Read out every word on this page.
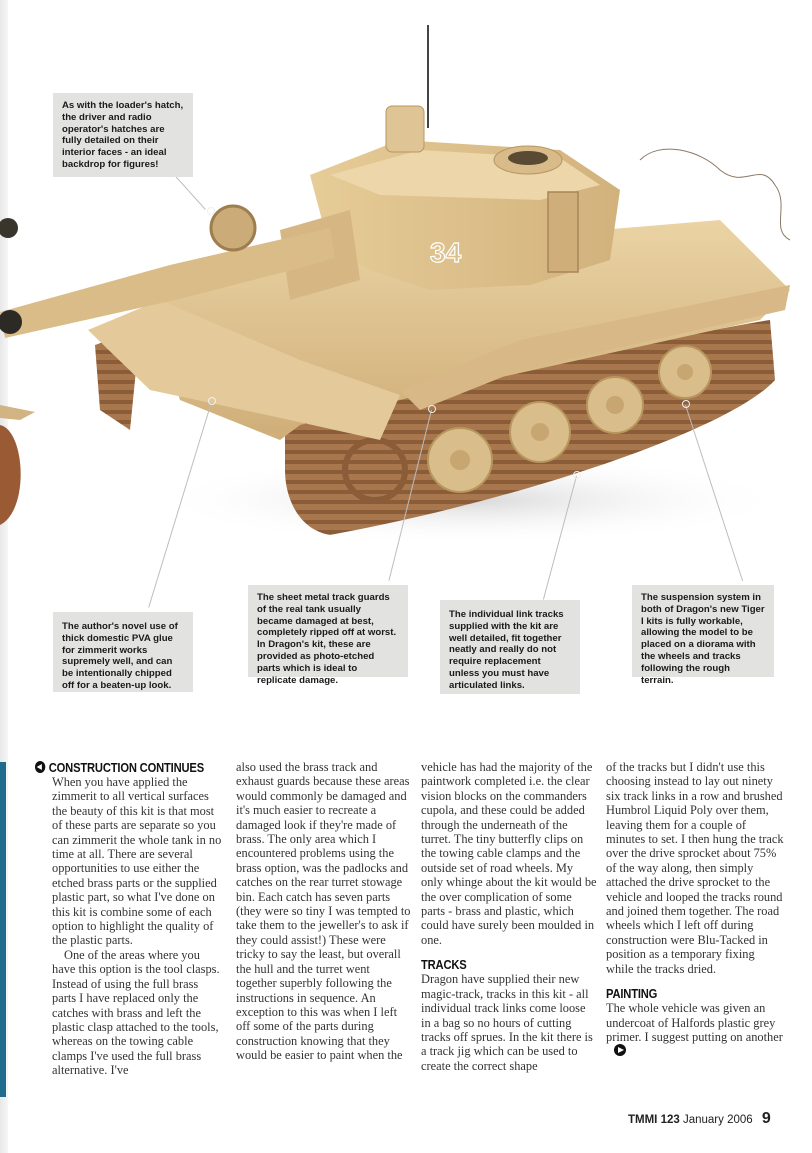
34
As with the loader's hatch, the driver and radio operator's hatches are fully detailed on their interior faces - an ideal backdrop for figures!
The author's novel use of thick domestic PVA glue for zimmerit works supremely well, and can be intentionally chipped off for a beaten-up look.
The sheet metal track guards of the real tank usually became damaged at best, completely ripped off at worst. In Dragon's kit, these are provided as photo-etched parts which is ideal to replicate damage.
The individual link tracks supplied with the kit are well detailed, fit together neatly and really do not require replacement unless you must have articulated links.
The suspension system in both of Dragon's new Tiger I kits is fully workable, allowing the model to be placed on a diorama with the wheels and tracks following the rough terrain.
CONSTRUCTION CONTINUES

When you have applied the zimmerit to all vertical surfaces the beauty of this kit is that most of these parts are separate so you can zimmerit the whole tank in no time at all. There are several opportunities to use either the etched brass parts or the supplied plastic part, so what I've done on this kit is combine some of each option to highlight the quality of the plastic parts.

One of the areas where you have this option is the tool clasps. Instead of using the full brass parts I have replaced only the catches with brass and left the plastic clasp attached to the tools, whereas on the towing cable clamps I've used the full brass alternative. I've

also used the brass track and exhaust guards because these areas would commonly be damaged and it's much easier to recreate a damaged look if they're made of brass. The only area which I encountered problems using the brass option, was the padlocks and catches on the rear turret stowage bin. Each catch has seven parts (they were so tiny I was tempted to take them to the jeweller's to ask if they could assist!) These were tricky to say the least, but overall the hull and the turret went together superbly following the instructions in sequence. An exception to this was when I left off some of the parts during construction knowing that they would be easier to paint when the

vehicle has had the majority of the paintwork completed i.e. the clear vision blocks on the commanders cupola, and these could be added through the underneath of the turret. The tiny butterfly clips on the towing cable clamps and the outside set of road wheels. My only whinge about the kit would be the over complication of some parts - brass and plastic, which could have surely been moulded in one.

TRACKS

Dragon have supplied their new magic-track, tracks in this kit - all individual track links come loose in a bag so no hours of cutting tracks off sprues. In the kit there is a track jig which can be used to create the correct shape

of the tracks but I didn't use this choosing instead to lay out ninety six track links in a row and brushed Humbrol Liquid Poly over them, leaving them for a couple of minutes to set. I then hung the track over the drive sprocket about 75% of the way along, then simply attached the drive sprocket to the vehicle and looped the tracks round and joined them together. The road wheels which I left off during construction were Blu-Tacked in position as a temporary fixing while the tracks dried.

PAINTING

The whole vehicle was given an undercoat of Halfords plastic grey primer. I suggest putting on another

TMMI 123 January 2006 9
